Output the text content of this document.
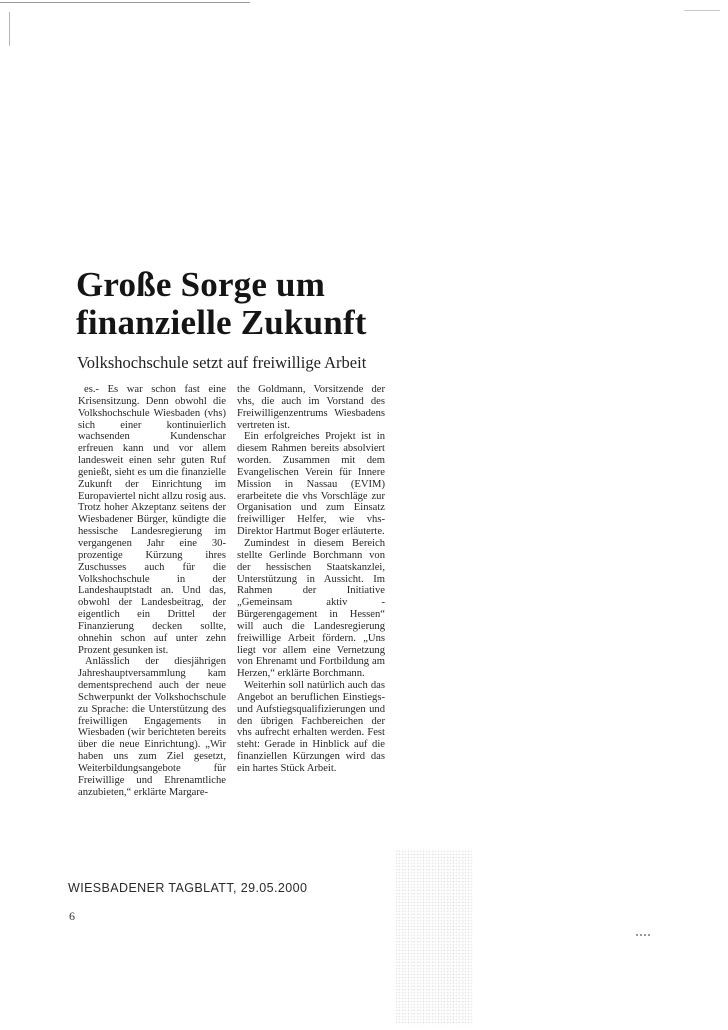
Große Sorge um
finanzielle Zukunft

Volkshochschule setzt auf freiwillige Arbeit

es.- Es war schon fast eine Krisensitzung. Denn obwohl die Volkshochschule Wiesbaden (vhs) sich einer kontinuierlich wachsenden Kundenschar erfreuen kann und vor allem landesweit einen sehr guten Ruf genießt, sieht es um die finanzielle Zukunft der Einrichtung im Europaviertel nicht allzu rosig aus. Trotz hoher Akzeptanz seitens der Wiesbadener Bürger, kündigte die hessische Landesregierung im vergangenen Jahr eine 30-prozentige Kürzung ihres Zuschusses auch für die Volkshochschule in der Landeshauptstadt an. Und das, obwohl der Landesbeitrag, der eigentlich ein Drittel der Finanzierung decken sollte, ohnehin schon auf unter zehn Prozent gesunken ist.

Anlässlich der diesjährigen Jahreshauptversammlung kam dementsprechend auch der neue Schwerpunkt der Volkshochschule zu Sprache: die Unterstützung des freiwilligen Engagements in Wiesbaden (wir berichteten bereits über die neue Einrichtung). „Wir haben uns zum Ziel gesetzt, Weiterbildungsangebote für Freiwillige und Ehrenamtliche anzubieten,“ erklärte Margare-

the Goldmann, Vorsitzende der vhs, die auch im Vorstand des Freiwilligenzentrums Wiesbadens vertreten ist.

Ein erfolgreiches Projekt ist in diesem Rahmen bereits absolviert worden. Zusammen mit dem Evangelischen Verein für Innere Mission in Nassau (EVIM) erarbeitete die vhs Vorschläge zur Organisation und zum Einsatz freiwilliger Helfer, wie vhs-Direktor Hartmut Boger erläuterte.

Zumindest in diesem Bereich stellte Gerlinde Borchmann von der hessischen Staatskanzlei, Unterstützung in Aussicht. Im Rahmen der Initiative „Gemeinsam aktiv - Bürgerengagement in Hessen“ will auch die Landesregierung freiwillige Arbeit fördern. „Uns liegt vor allem eine Vernetzung von Ehrenamt und Fortbildung am Herzen,“ erklärte Borchmann.

Weiterhin soll natürlich auch das Angebot an beruflichen Einstiegs- und Aufstiegsqualifizierungen und den übrigen Fachbereichen der vhs aufrecht erhalten werden. Fest steht: Gerade in Hinblick auf die finanziellen Kürzungen wird das ein hartes Stück Arbeit.

WIESBADENER TAGBLATT, 29.05.2000
6
